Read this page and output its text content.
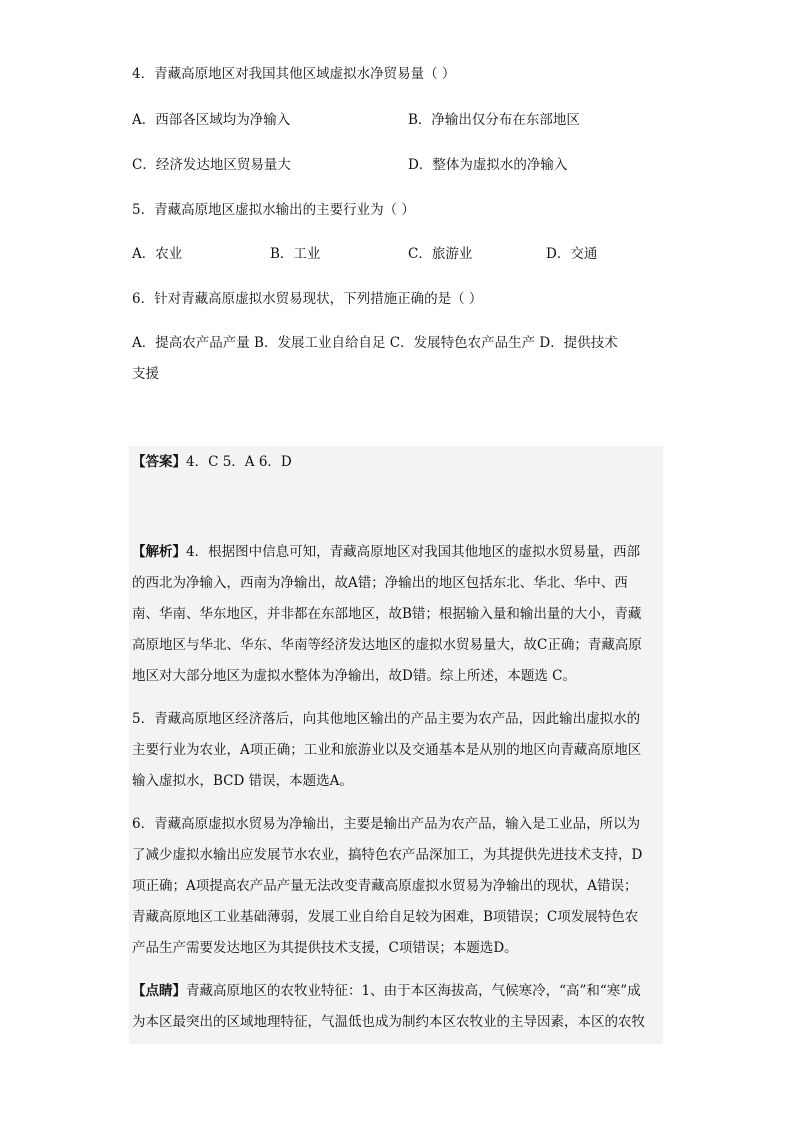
4．青藏高原地区对我国其他区域虚拟水净贸易量（ ）
A．西部各区域均为净输入	B．净输出仅分布在东部地区
C．经济发达地区贸易量大	D．整体为虚拟水的净输入
5．青藏高原地区虚拟水输出的主要行业为（ ）
A．农业	B．工业	C．旅游业	D．交通
6．针对青藏高原虚拟水贸易现状，下列措施正确的是（ ）
A．提高农产品产量 B．发展工业自给自足 C．发展特色农产品生产 D．提供技术
支援
【答案】4．C 5．A 6．D

【解析】4．根据图中信息可知，青藏高原地区对我国其他地区的虚拟水贸易量，西部
的西北为净输入，西南为净输出，故A错；净输出的地区包括东北、华北、华中、西
南、华南、华东地区，并非都在东部地区，故B错；根据输入量和输出量的大小，青藏
高原地区与华北、华东、华南等经济发达地区的虚拟水贸易量大，故C正确；青藏高原
地区对大部分地区为虚拟水整体为净输出，故D错。综上所述，本题选 C。

5．青藏高原地区经济落后，向其他地区输出的产品主要为农产品，因此输出虚拟水的
主要行业为农业，A项正确；工业和旅游业以及交通基本是从别的地区向青藏高原地区
输入虚拟水，BCD 错误，本题选A。

6．青藏高原虚拟水贸易为净输出，主要是输出产品为农产品，输入是工业品，所以为
了减少虚拟水输出应发展节水农业，搞特色农产品深加工，为其提供先进技术支持，D
项正确；A项提高农产品产量无法改变青藏高原虚拟水贸易为净输出的现状，A错误；
青藏高原地区工业基础薄弱，发展工业自给自足较为困难，B项错误；C项发展特色农
产品生产需要发达地区为其提供技术支援，C项错误；本题选D。

【点睛】青藏高原地区的农牧业特征：1、由于本区海拔高，气候寒冷，“高”和“寒”成
为本区最突出的区域地理特征，气温低也成为制约本区农牧业的主导因素，本区的农牧
